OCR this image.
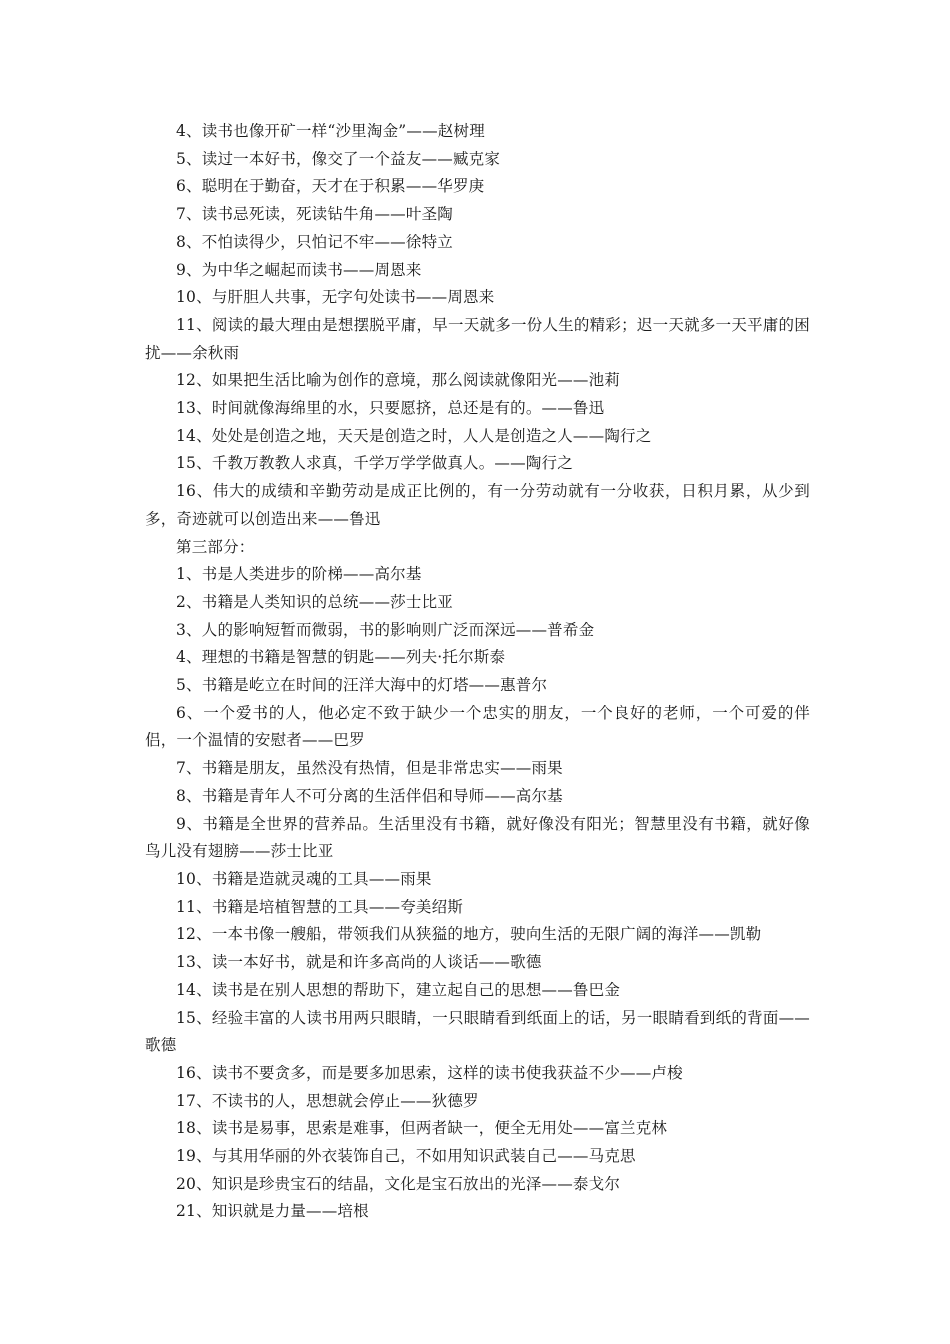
4、读书也像开矿一样“沙里淘金”——赵树理

5、读过一本好书，像交了一个益友——臧克家

6、聪明在于勤奋，天才在于积累——华罗庚

7、读书忌死读，死读钻牛角——叶圣陶

8、不怕读得少，只怕记不牢——徐特立

9、为中华之崛起而读书——周恩来

10、与肝胆人共事，无字句处读书——周恩来

11、阅读的最大理由是想摆脱平庸，早一天就多一份人生的精彩；迟一天就多一天平庸的困扰——余秋雨

12、如果把生活比喻为创作的意境，那么阅读就像阳光——池莉

13、时间就像海绵里的水，只要愿挤，总还是有的。——鲁迅

14、处处是创造之地，天天是创造之时，人人是创造之人——陶行之

15、千教万教教人求真，千学万学学做真人。——陶行之

16、伟大的成绩和辛勤劳动是成正比例的，有一分劳动就有一分收获，日积月累，从少到多，奇迹就可以创造出来——鲁迅

第三部分：

1、书是人类进步的阶梯——高尔基

2、书籍是人类知识的总统——莎士比亚

3、人的影响短暂而微弱，书的影响则广泛而深远——普希金

4、理想的书籍是智慧的钥匙——列夫·托尔斯泰

5、书籍是屹立在时间的汪洋大海中的灯塔——惠普尔

6、一个爱书的人，他必定不致于缺少一个忠实的朋友，一个良好的老师，一个可爱的伴侣，一个温情的安慰者——巴罗

7、书籍是朋友，虽然没有热情，但是非常忠实——雨果

8、书籍是青年人不可分离的生活伴侣和导师——高尔基

9、书籍是全世界的营养品。生活里没有书籍，就好像没有阳光；智慧里没有书籍，就好像鸟儿没有翅膀——莎士比亚

10、书籍是造就灵魂的工具——雨果

11、书籍是培植智慧的工具——夸美绍斯

12、一本书像一艘船，带领我们从狭獈的地方，驶向生活的无限广阔的海洋——凯勒

13、读一本好书，就是和许多高尚的人谈话——歌德

14、读书是在别人思想的帮助下，建立起自己的思想——鲁巴金

15、经验丰富的人读书用两只眼睛，一只眼睛看到纸面上的话，另一眼睛看到纸的背面——歌德

16、读书不要贪多，而是要多加思索，这样的读书使我获益不少——卢梭

17、不读书的人，思想就会停止——狄德罗

18、读书是易事，思索是难事，但两者缺一，便全无用处——富兰克林

19、与其用华丽的外衣装饰自己，不如用知识武装自己——马克思

20、知识是珍贵宝石的结晶，文化是宝石放出的光泽——泰戈尔

21、知识就是力量——培根
